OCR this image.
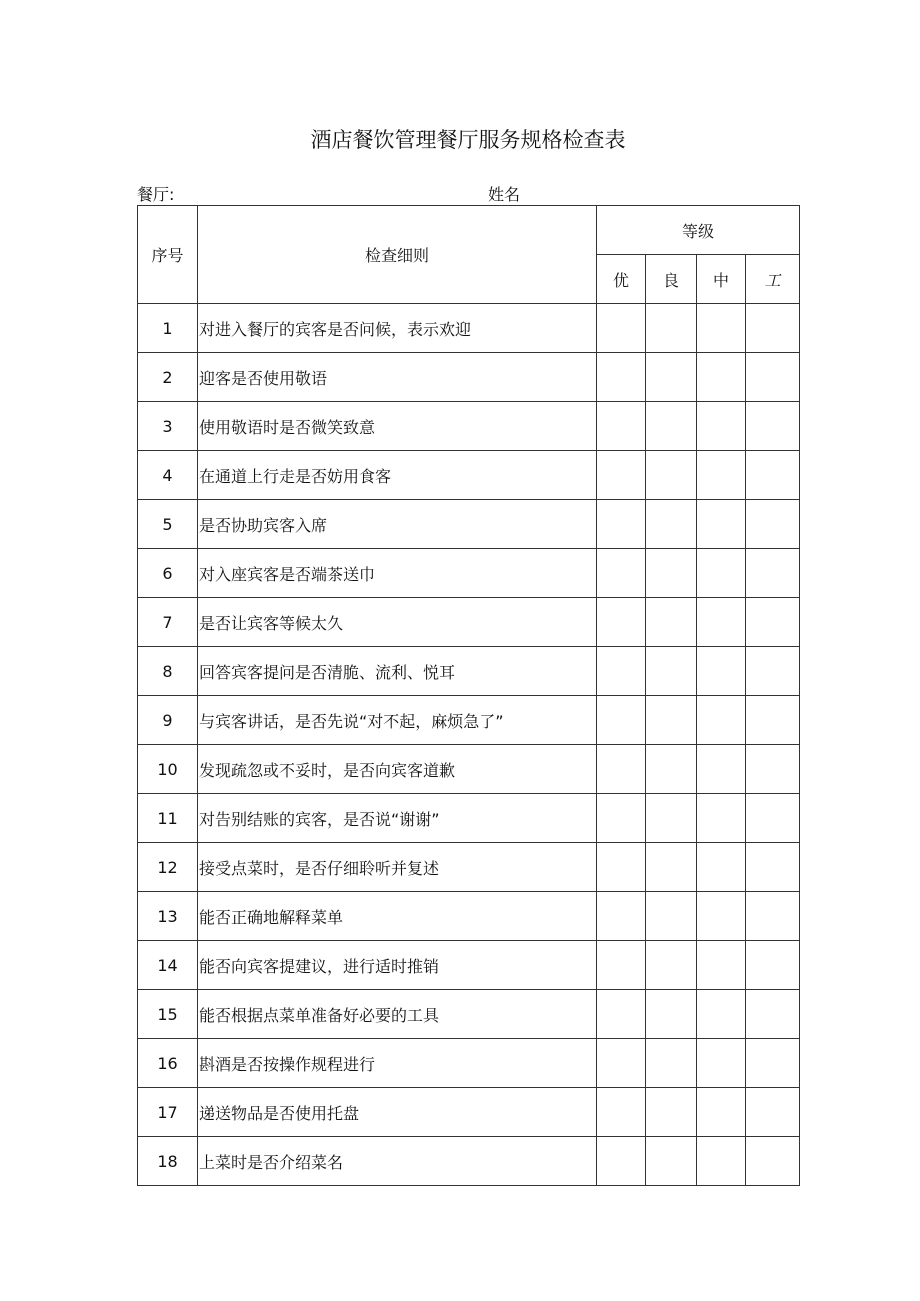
酒店餐饮管理餐厅服务规格检查表
餐厅:	姓名
序号	检查细则	等级			
		优	良	中	工
1	对进入餐厅的宾客是否问候，表示欢迎				
2	迎客是否使用敬语				
3	使用敬语时是否微笑致意				
4	在通道上行走是否妨用食客				
5	是否协助宾客入席				
6	对入座宾客是否端茶送巾				
7	是否让宾客等候太久				
8	回答宾客提问是否清脆、流利、悦耳				
9	与宾客讲话，是否先说“对不起，麻烦急了”				
10	发现疏忽或不妥时，是否向宾客道歉				
11	对告别结账的宾客，是否说“谢谢”				
12	接受点菜时，是否仔细聆听并复述				
13	能否正确地解释菜单				
14	能否向宾客提建议，进行适时推销				
15	能否根据点菜单准备好必要的工具				
16	斟酒是否按操作规程进行				
17	递送物品是否使用托盘				
18	上菜时是否介绍菜名				
